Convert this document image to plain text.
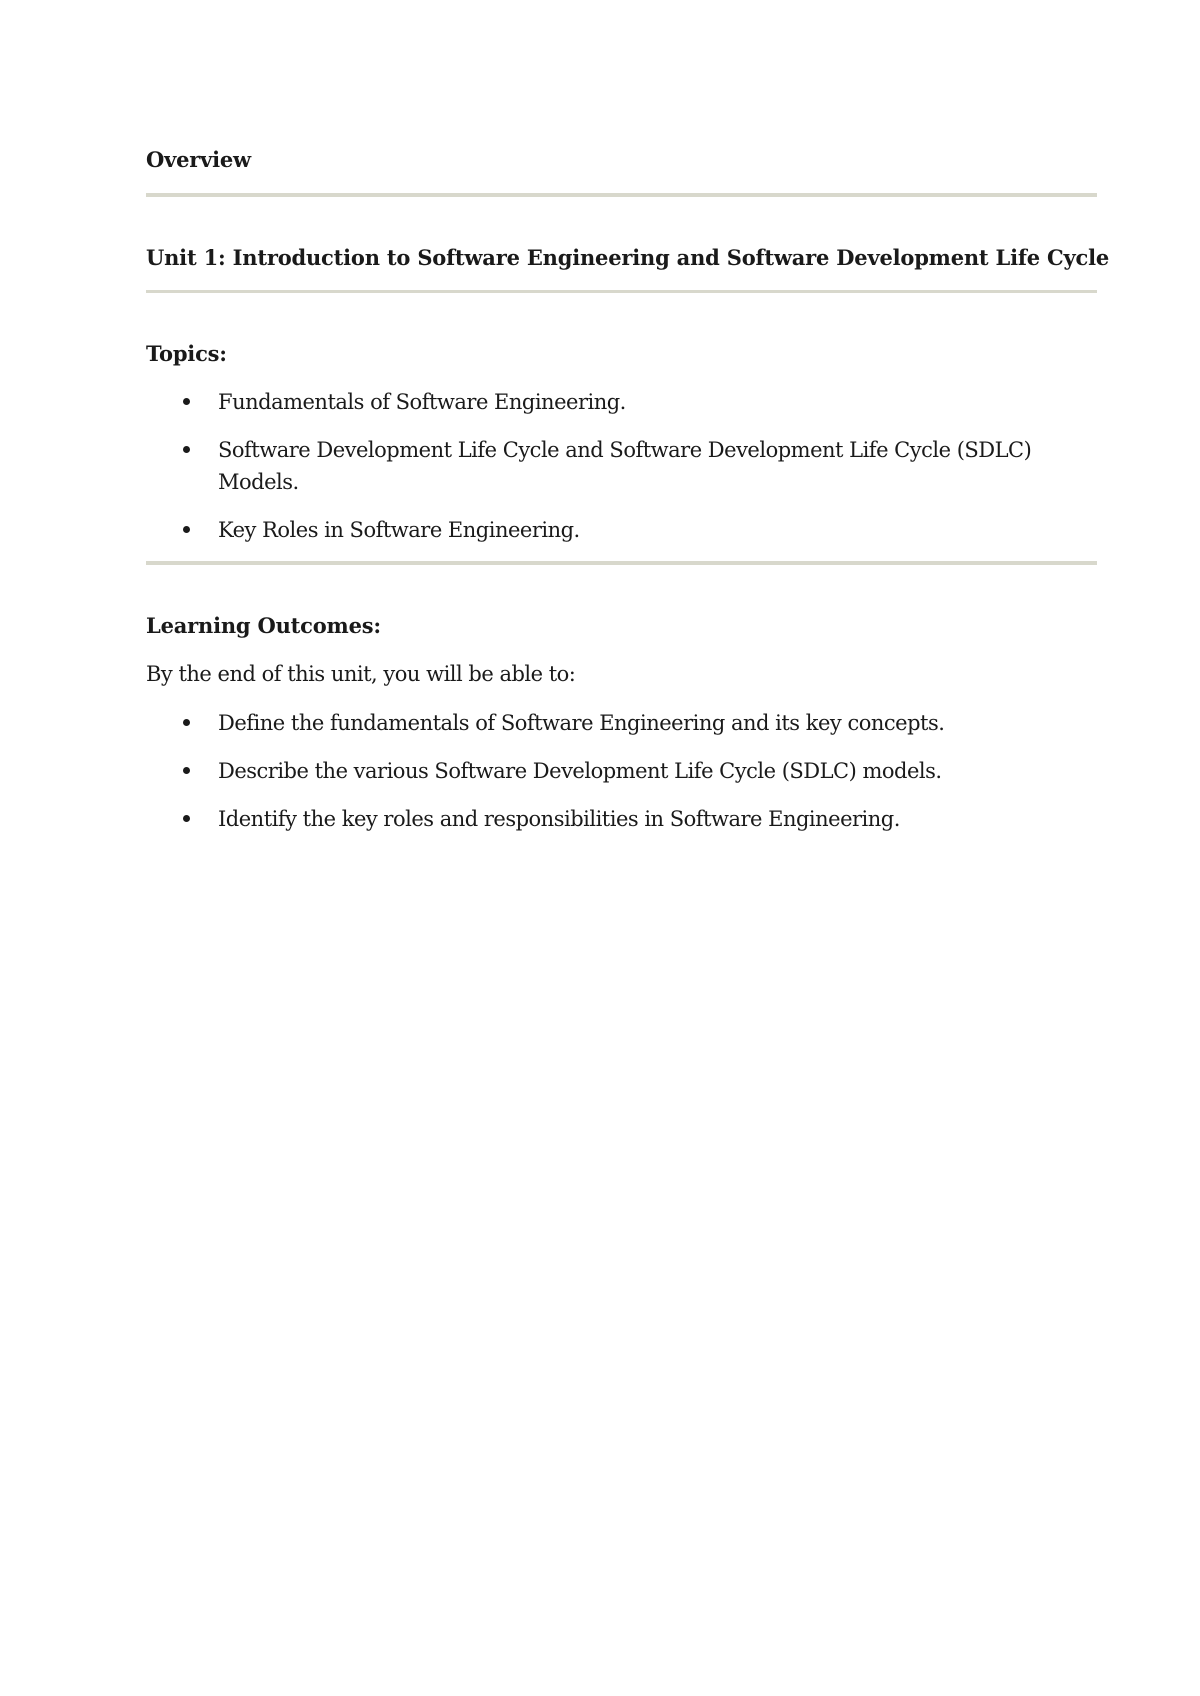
Overview
Unit 1: Introduction to Software Engineering and Software Development Life Cycle
Topics:
Fundamentals of Software Engineering.
Software Development Life Cycle and Software Development Life Cycle (SDLC)
Models.
Key Roles in Software Engineering.
Learning Outcomes:
By the end of this unit, you will be able to:
Define the fundamentals of Software Engineering and its key concepts.
Describe the various Software Development Life Cycle (SDLC) models.
Identify the key roles and responsibilities in Software Engineering.
